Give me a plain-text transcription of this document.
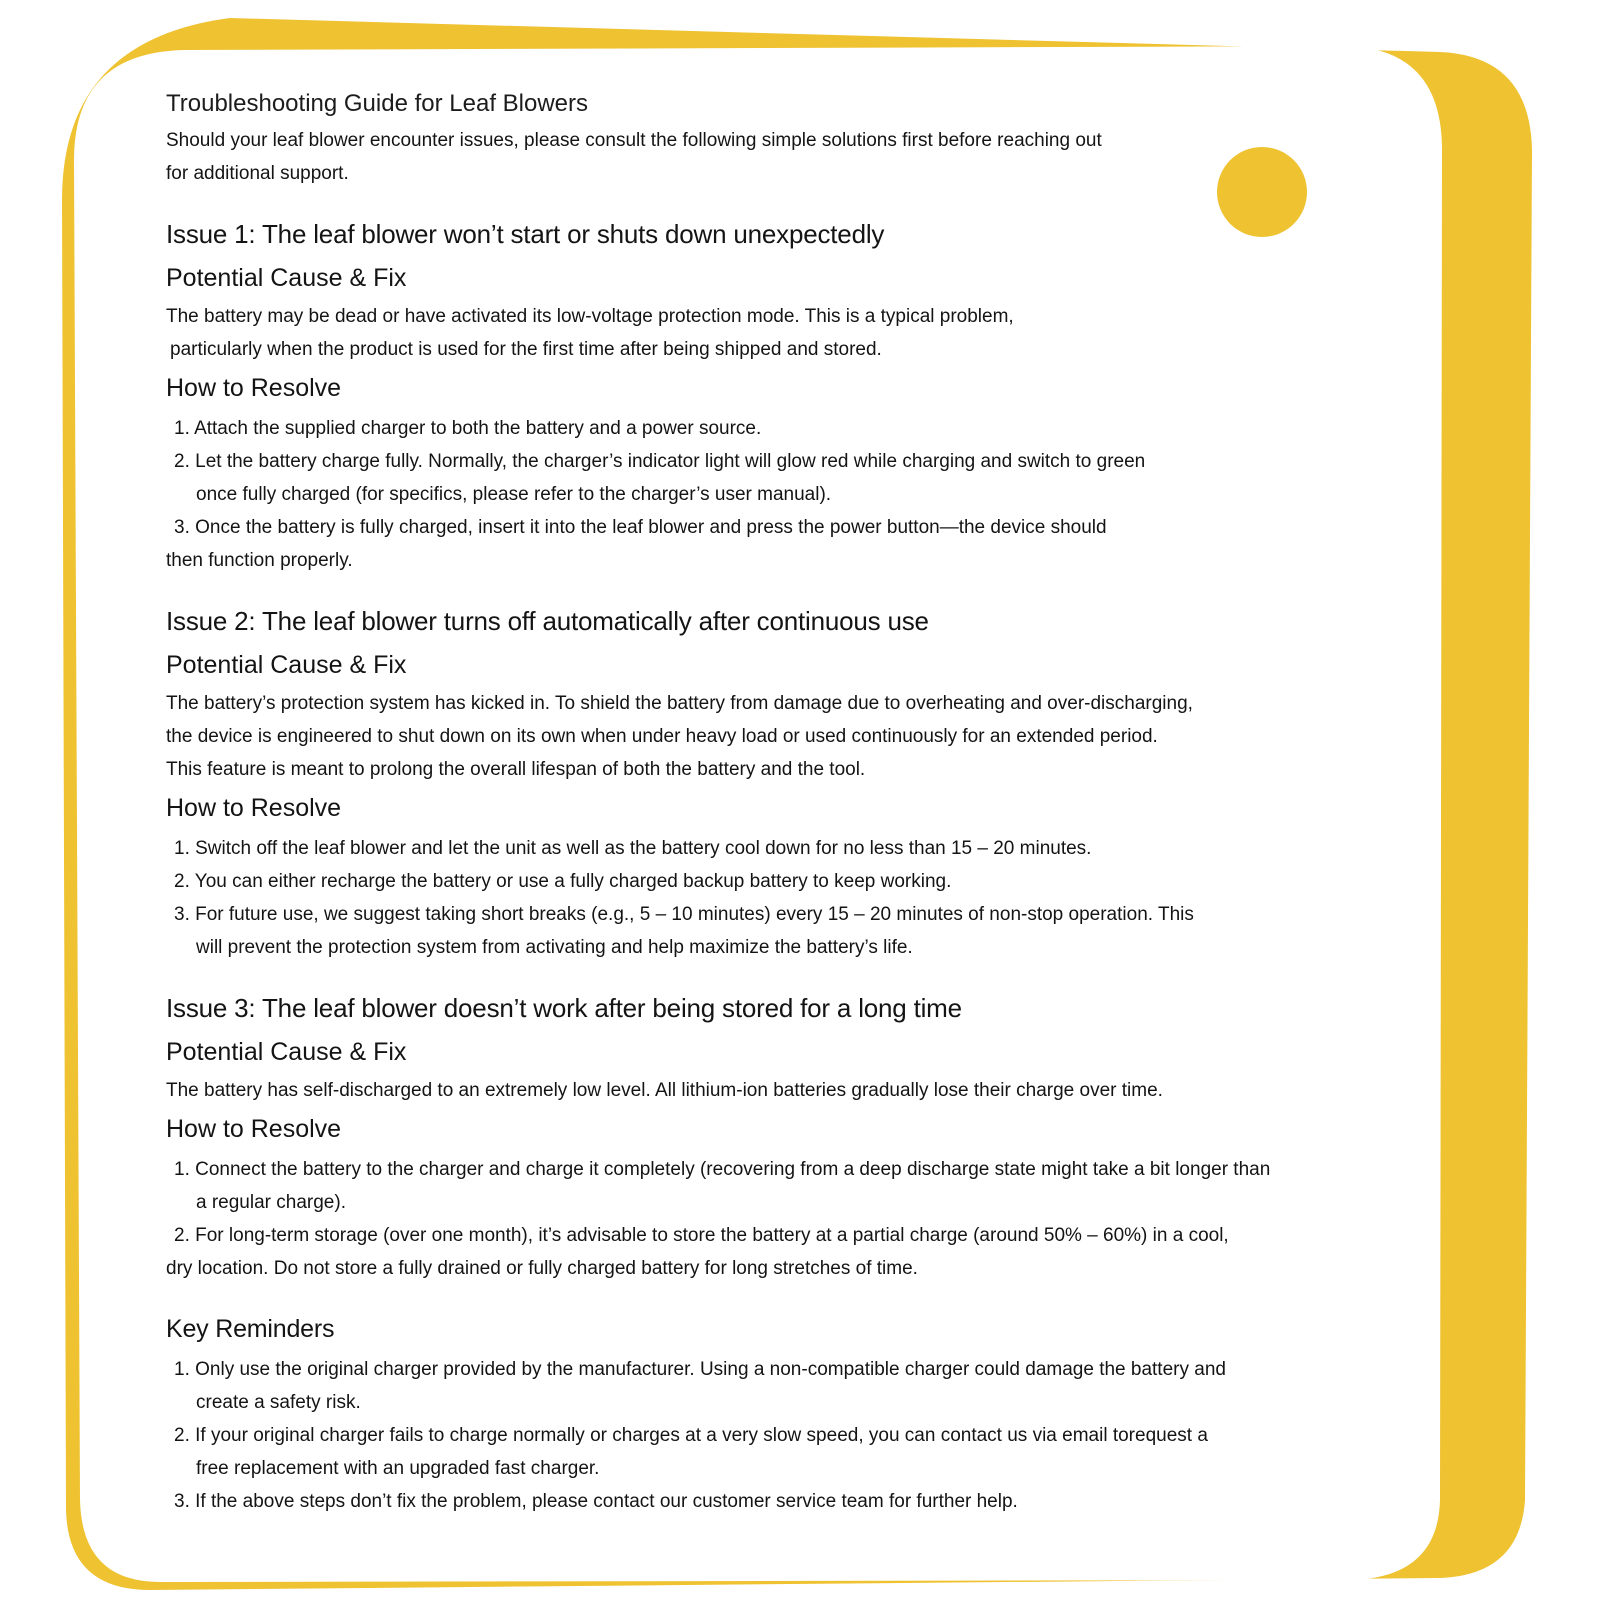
Troubleshooting Guide for Leaf Blowers

Should your leaf blower encounter issues, please consult the following simple solutions first before reaching out for additional support.

Issue 1: The leaf blower won’t start or shuts down unexpectedly
Potential Cause & Fix

The battery may be dead or have activated its low-voltage protection mode. This is a typical problem,

particularly when the product is used for the first time after being shipped and stored.

How to Resolve
1. Attach the supplied charger to both the battery and a power source.
2. Let the battery charge fully. Normally, the charger’s indicator light will glow red while charging and switch to green once fully charged (for specifics, please refer to the charger’s user manual).
3. Once the battery is fully charged, insert it into the leaf blower and press the power button—the device should then function properly.
Issue 2: The leaf blower turns off automatically after continuous use
Potential Cause & Fix

The battery’s protection system has kicked in. To shield the battery from damage due to overheating and over-discharging,

the device is engineered to shut down on its own when under heavy load or used continuously for an extended period.

This feature is meant to prolong the overall lifespan of both the battery and the tool.

How to Resolve
1. Switch off the leaf blower and let the unit as well as the battery cool down for no less than 15 – 20 minutes.
2. You can either recharge the battery or use a fully charged backup battery to keep working.
3. For future use, we suggest taking short breaks (e.g., 5 – 10 minutes) every 15 – 20 minutes of non-stop operation. This will prevent the protection system from activating and help maximize the battery’s life.
Issue 3: The leaf blower doesn’t work after being stored for a long time
Potential Cause & Fix

The battery has self-discharged to an extremely low level. All lithium-ion batteries gradually lose their charge over time.

How to Resolve
1. Connect the battery to the charger and charge it completely (recovering from a deep discharge state might take a bit longer than a regular charge).
2. For long-term storage (over one month), it’s advisable to store the battery at a partial charge (around 50% – 60%) in a cool, dry location. Do not store a fully drained or fully charged battery for long stretches of time.
Key Reminders
1. Only use the original charger provided by the manufacturer. Using a non-compatible charger could damage the battery and create a safety risk.
2. If your original charger fails to charge normally or charges at a very slow speed, you can contact us via email torequest a free replacement with an upgraded fast charger.
3. If the above steps don’t fix the problem, please contact our customer service team for further help.
